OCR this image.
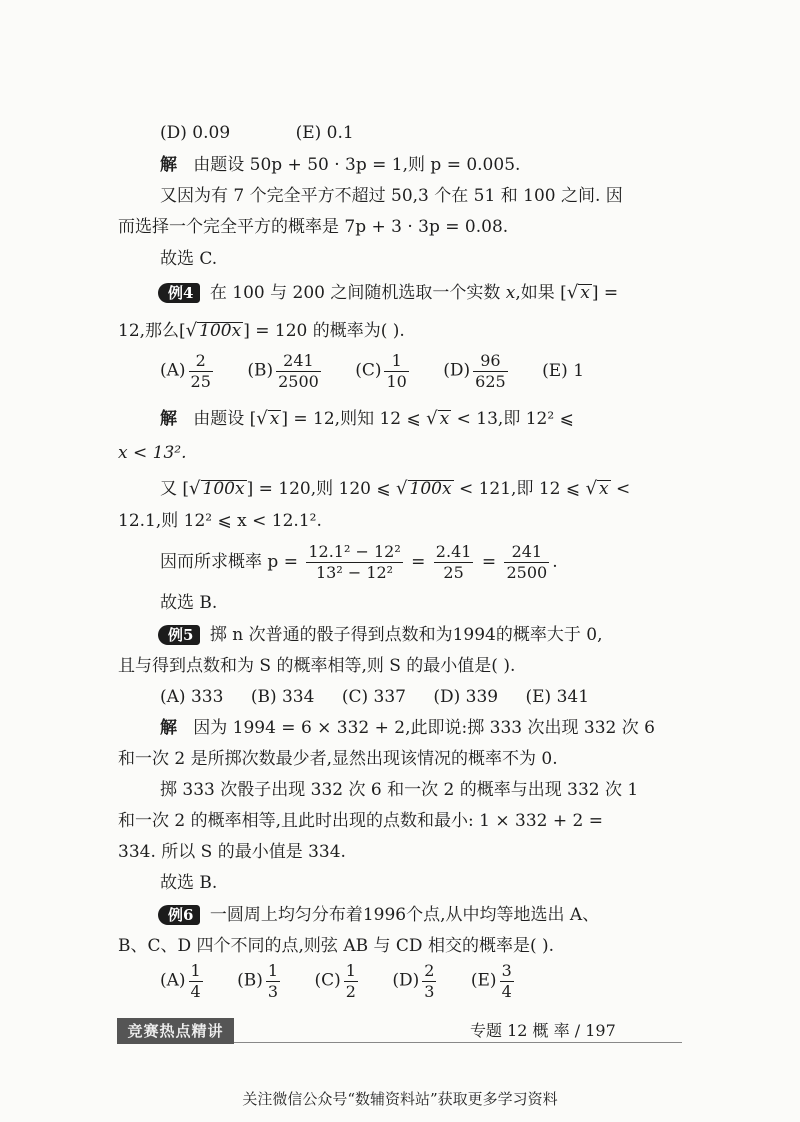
(D) 0.09	(E) 0.1
解 由题设 50p + 50 · 3p = 1,则 p = 0.005.
又因为有 7 个完全平方不超过 50,3 个在 51 和 100 之间. 因
而选择一个完全平方的概率是 7p + 3 · 3p = 0.08.
故选 C.
例4 在 100 与 200 之间随机选取一个实数 x,如果 [√ x ] =
12,那么[√ 100x ] = 120 的概率为( ).
$(A) \frac{2}{25} (B) \frac{241}{2500} (C) \frac{1}{10} (D) \frac{96}{625} (E)$ 1
解 由题设 [√ x ] = 12,则知 12 ⩽ √ x < 13,即 12² ⩽
x < 13².
又 [√ 100x ] = 120,则 120 ⩽ √ 100x < 121,即 12 ⩽ √ x <
12.1,则 12² ⩽ x < 12.1².
因而所求概率 $p = \frac{\text{12.1² − 12²}}{\text{13² − 12²}} = \frac{2.41}{25} = \frac{241}{2500}$ .
故选 B.
例5 掷 n 次普通的骰子得到点数和为1994的概率大于 0,
且与得到点数和为 S 的概率相等,则 S 的最小值是( ).
(A) 333 (B) 334 (C) 337 (D) 339 (E) 341
解 因为 1994 = 6 × 332 + 2,此即说:掷 333 次出现 332 次 6
和一次 2 是所掷次数最少者,显然出现该情况的概率不为 0.
掷 333 次骰子出现 332 次 6 和一次 2 的概率与出现 332 次 1
和一次 2 的概率相等,且此时出现的点数和最小: 1 × 332 + 2 =
334. 所以 S 的最小值是 334.
故选 B.
例6 一圆周上均匀分布着1996个点,从中均等地选出 A、
B、C、D 四个不同的点,则弦 AB 与 CD 相交的概率是( ).
$(A) \frac{1}{4} (B) \frac{1}{3} (C) \frac{1}{2} (D) \frac{2}{3} (E) \frac{3}{4}$
竞赛热点精讲	专题 12 概 率 / 197
关注微信公众号“数辅资料站”获取更多学习资料
